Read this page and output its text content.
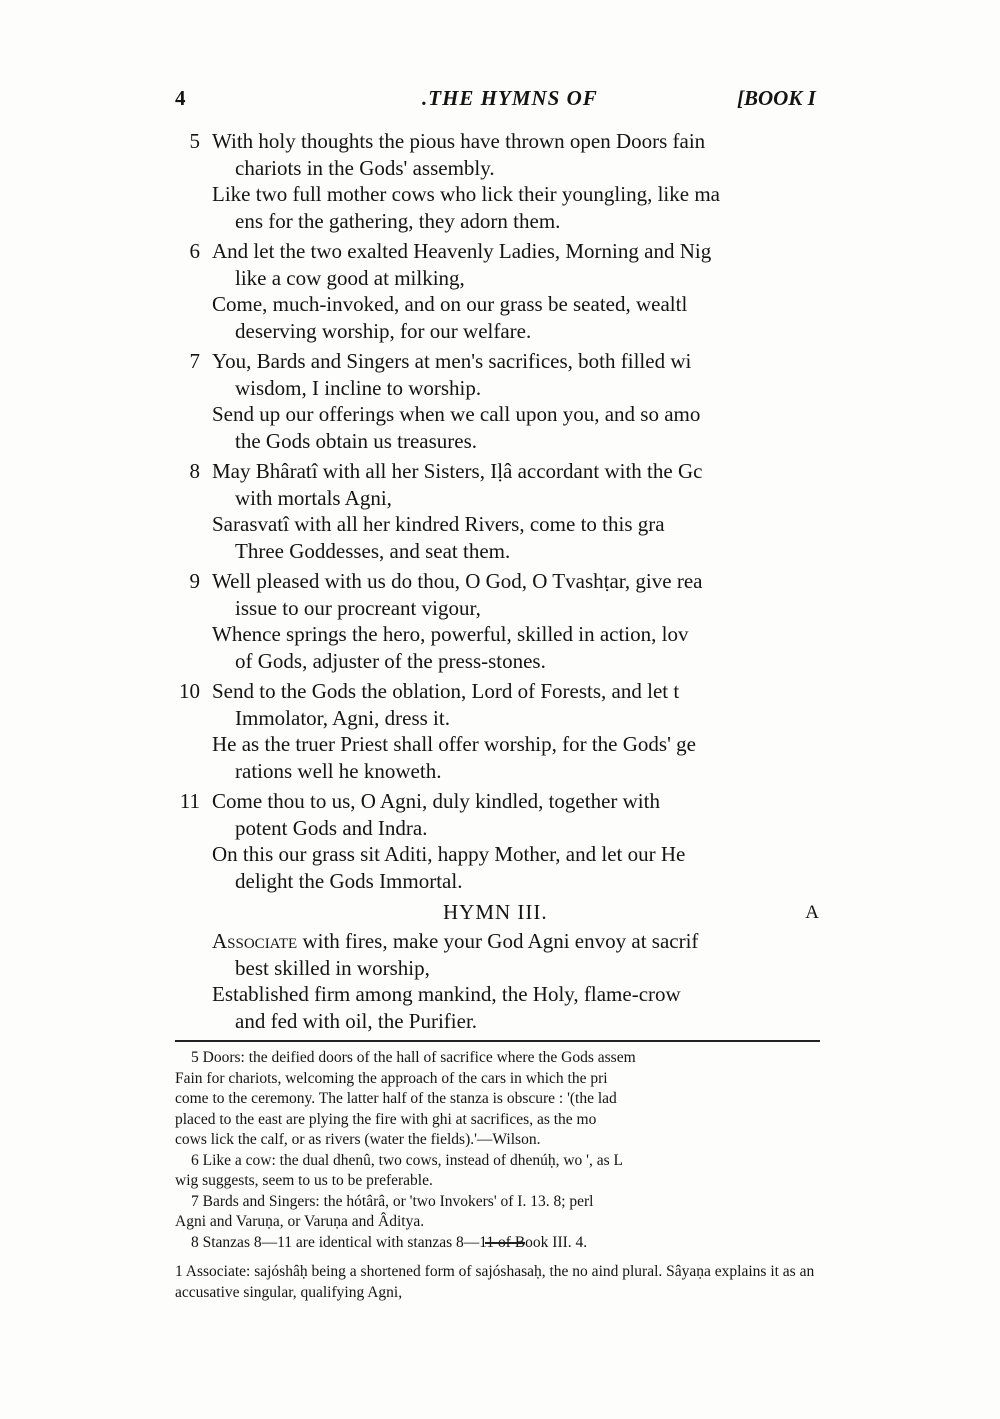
4	.THE HYMNS OF	[BOOK I
5 With holy thoughts the pious have thrown open Doors fain
chariots in the Gods' assembly.
Like two full mother cows who lick their youngling, like ma
ens for the gathering, they adorn them.
6 And let the two exalted Heavenly Ladies, Morning and Nig
like a cow good at milking,
Come, much-invoked, and on our grass be seated, wealtl
deserving worship, for our welfare.
7 You, Bards and Singers at men's sacrifices, both filled wi
wisdom, I incline to worship.
Send up our offerings when we call upon you, and so amo
the Gods obtain us treasures.
8 May Bhâratî with all her Sisters, Iḷâ accordant with the Gc
with mortals Agni,
Sarasvatî with all her kindred Rivers, come to this gra
Three Goddesses, and seat them.
9 Well pleased with us do thou, O God, O Tvashṭar, give rea
issue to our procreant vigour,
Whence springs the hero, powerful, skilled in action, lov
of Gods, adjuster of the press-stones.
10 Send to the Gods the oblation, Lord of Forests, and let t
Immolator, Agni, dress it.
He as the truer Priest shall offer worship, for the Gods' ge
rations well he knoweth.
11 Come thou to us, O Agni, duly kindled, together with
potent Gods and Indra.
On this our grass sit Aditi, happy Mother, and let our He
delight the Gods Immortal.
HYMN III.	A
Associate with fires, make your God Agni envoy at sacrif
best skilled in worship,
Established firm among mankind, the Holy, flame-crow
and fed with oil, the Purifier.
5 Doors: the deified doors of the hall of sacrifice where the Gods assem
Fain for chariots, welcoming the approach of the cars in which the pri
come to the ceremony. The latter half of the stanza is obscure : '(the lad
placed to the east are plying the fire with ghi at sacrifices, as the mo
cows lick the calf, or as rivers (water the fields).'—Wilson.
6 Like a cow: the dual dhenû, two cows, instead of dhenúḥ, wo ', as L
wig suggests, seem to us to be preferable.
7 Bards and Singers: the hótârâ, or 'two Invokers' of I. 13. 8; perl
Agni and Varuṇa, or Varuṇa and Âditya.
8 Stanzas 8—11 are identical with stanzas 8—11 of Book III. 4.
1 Associate: sajóshâḥ being a shortened form of sajóshasaḥ, the no aind plural. Sâyaṇa explains it as an accusative singular, qualifying Agni,
